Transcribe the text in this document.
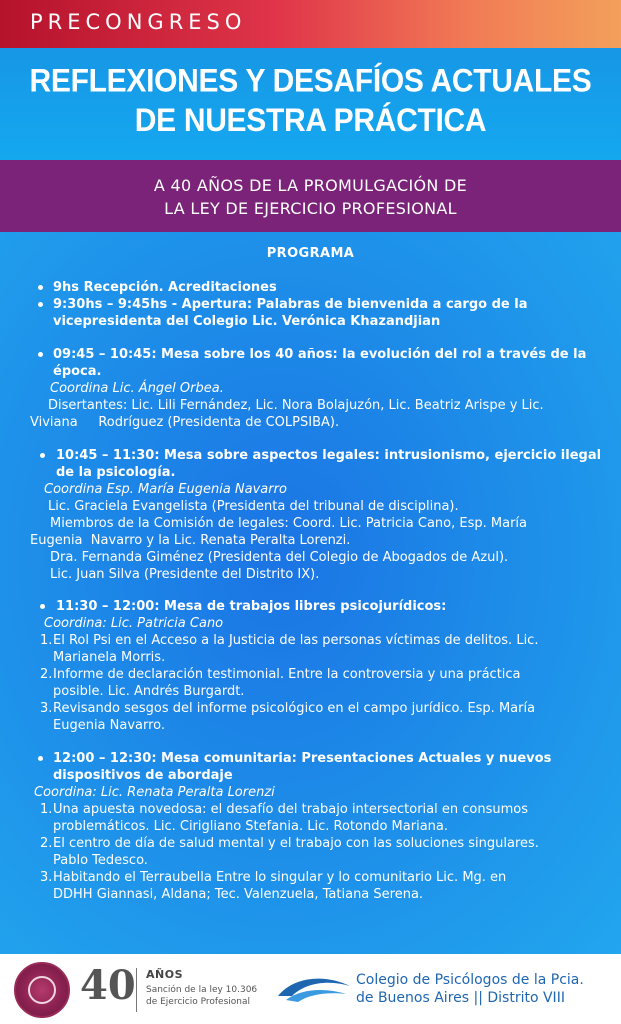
PRECONGRESO
REFLEXIONES Y DESAFÍOS ACTUALES
DE NUESTRA PRÁCTICA

A 40 AÑOS DE LA PROMULGACIÓN DE
LA LEY DE EJERCICIO PROFESIONAL

PROGRAMA
9hs Recepción. Acreditaciones
9:30hs – 9:45hs - Apertura: Palabras de bienvenida a cargo de la
vicepresidenta del Colegio Lic. Verónica Khazandjian
09:45 – 10:45: Mesa sobre los 40 años: la evolución del rol a través de la
época.
Coordina Lic. Ángel Orbea.
Disertantes: Lic. Lili Fernández, Lic. Nora Bolajuzón, Lic. Beatriz Arispe y Lic.
Viviana     Rodríguez (Presidenta de COLPSIBA).
10:45 – 11:30: Mesa sobre aspectos legales: intrusionismo, ejercicio ilegal
de la psicología.
Coordina Esp. María Eugenia Navarro
Lic. Graciela Evangelista (Presidenta del tribunal de disciplina).
Miembros de la Comisión de legales: Coord. Lic. Patricia Cano, Esp. María
Eugenia  Navarro y la Lic. Renata Peralta Lorenzi.
Dra. Fernanda Giménez (Presidenta del Colegio de Abogados de Azul).
Lic. Juan Silva (Presidente del Distrito IX).
11:30 – 12:00: Mesa de trabajos libres psicojurídicos:
Coordina: Lic. Patricia Cano
1. El Rol Psi en el Acceso a la Justicia de las personas víctimas de delitos. Lic.
Marianela Morris.
2. Informe de declaración testimonial. Entre la controversia y una práctica
posible. Lic. Andrés Burgardt.
3. Revisando sesgos del informe psicológico en el campo jurídico. Esp. María
Eugenia Navarro.
12:00 – 12:30: Mesa comunitaria: Presentaciones Actuales y nuevos
dispositivos de abordaje
Coordina: Lic. Renata Peralta Lorenzi
1. Una apuesta novedosa: el desafío del trabajo intersectorial en consumos
problemáticos. Lic. Cirigliano Stefania. Lic. Rotondo Mariana.
2. El centro de día de salud mental y el trabajo con las soluciones singulares.
Pablo Tedesco.
3. Habitando el Terraubella Entre lo singular y lo comunitario Lic. Mg. en
DDHH Giannasi, Aldana; Tec. Valenzuela, Tatiana Serena.
40 AÑOS
Sanción de la ley 10.306
de Ejercicio Profesional
Colegio de Psicólogos de la Pcia.
de Buenos Aires || Distrito VIII
